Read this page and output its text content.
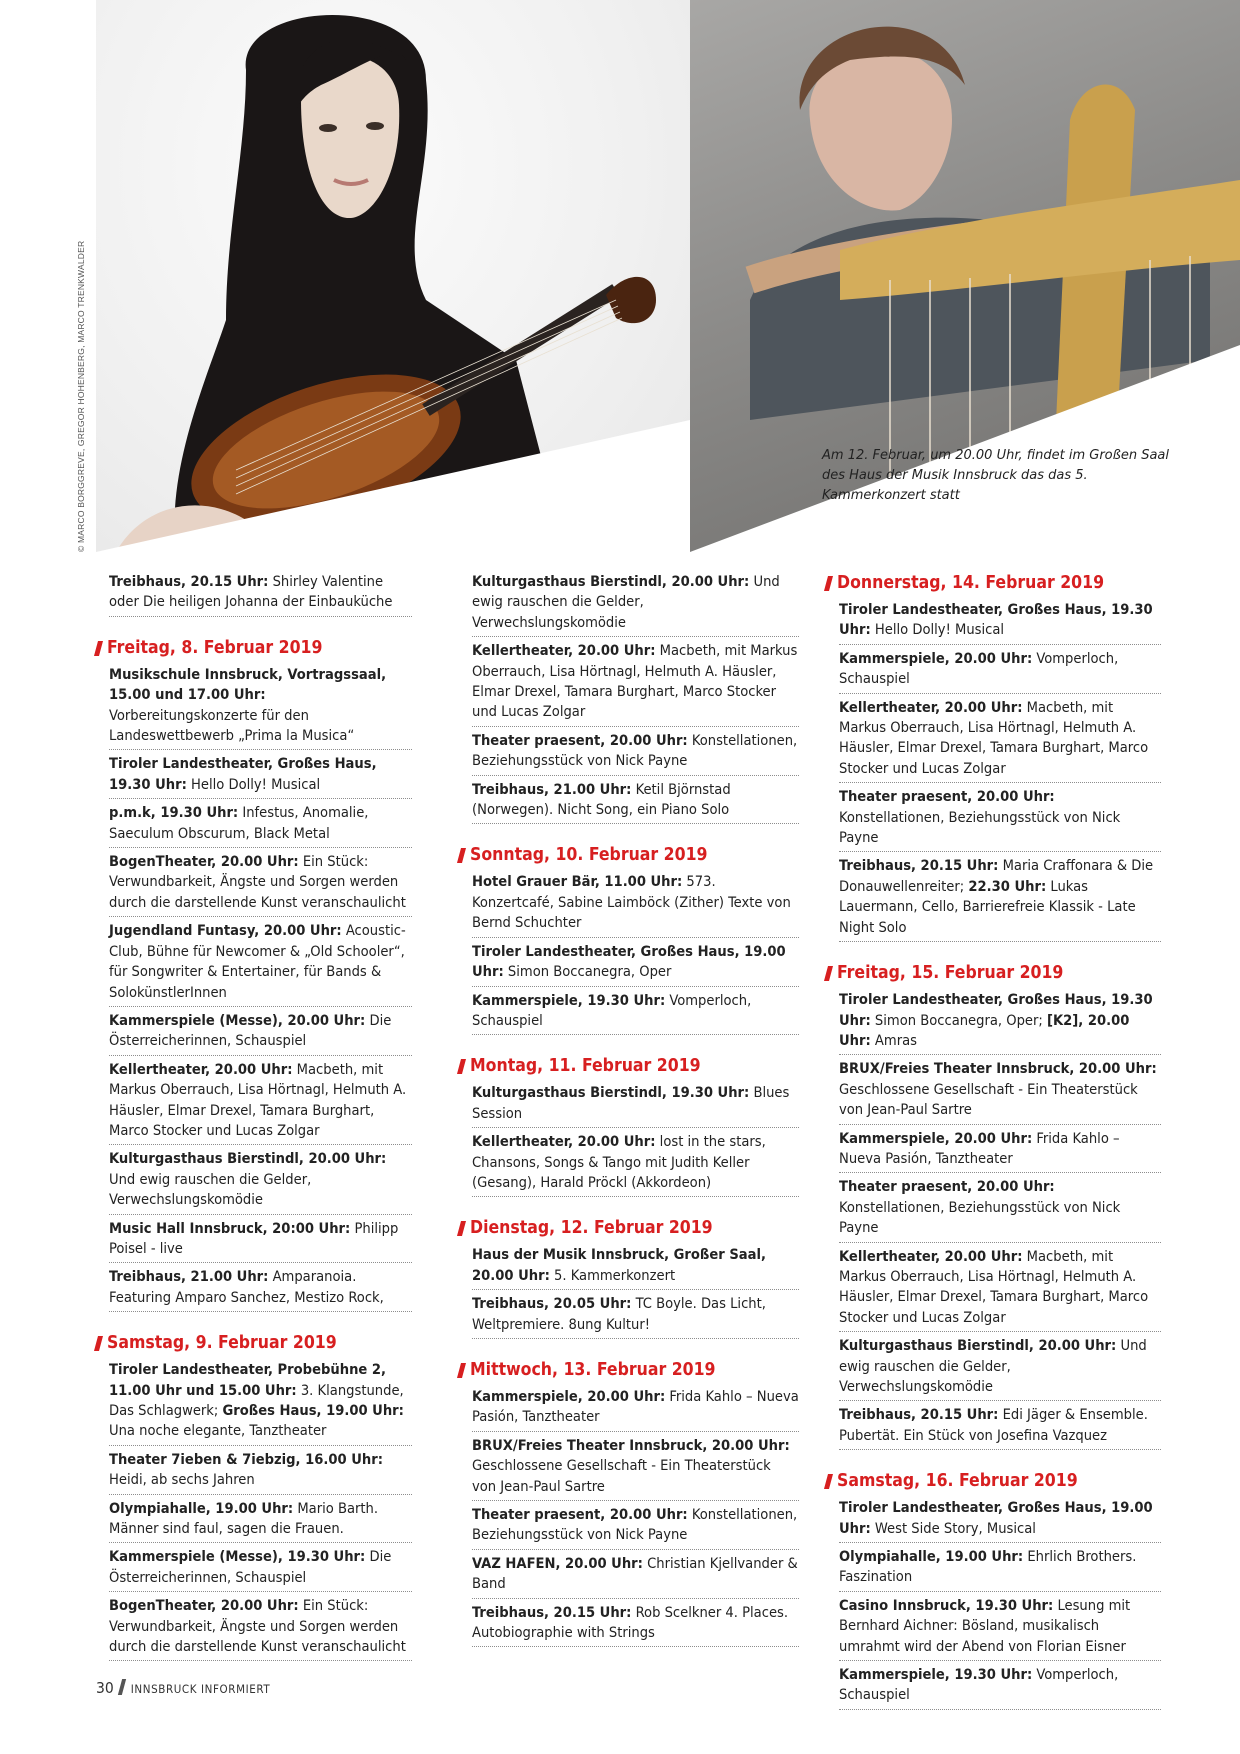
© MARCO BORGGREVE, GREGOR HOHENBERG, MARCO TRENKWALDER	Am 12. Februar, um 20.00 Uhr, findet im Großen Saal des Haus der Musik Innsbruck das das 5. Kammerkonzert statt
Treibhaus, 20.15 Uhr: Shirley Valentine oder Die heiligen Johanna der Einbauküche
Freitag, 8. Februar 2019
Musikschule Innsbruck, Vortragssaal, 15.00 und 17.00 Uhr: Vorbereitungskonzerte für den Landeswettbewerb „Prima la Musica“
Tiroler Landestheater, Großes Haus, 19.30 Uhr: Hello Dolly! Musical
p.m.k, 19.30 Uhr: Infestus, Anomalie, Saeculum Obscurum, Black Metal
BogenTheater, 20.00 Uhr: Ein Stück: Verwundbarkeit, Ängste und Sorgen werden durch die darstellende Kunst veranschaulicht
Jugendland Funtasy, 20.00 Uhr: Acoustic-Club, Bühne für Newcomer & „Old Schooler“, für Songwriter & Entertainer, für Bands & SolokünstlerInnen
Kammerspiele (Messe), 20.00 Uhr: Die Österreicherinnen, Schauspiel
Kellertheater, 20.00 Uhr: Macbeth, mit Markus Oberrauch, Lisa Hörtnagl, Helmuth A. Häusler, Elmar Drexel, Tamara Burghart, Marco Stocker und Lucas Zolgar
Kulturgasthaus Bierstindl, 20.00 Uhr: Und ewig rauschen die Gelder, Verwechslungskomödie
Music Hall Innsbruck, 20:00 Uhr: Philipp Poisel - live
Treibhaus, 21.00 Uhr: Amparanoia. Featuring Amparo Sanchez, Mestizo Rock,
Samstag, 9. Februar 2019
Tiroler Landestheater, Probebühne 2, 11.00 Uhr und 15.00 Uhr: 3. Klangstunde, Das Schlagwerk; Großes Haus, 19.00 Uhr: Una noche elegante, Tanztheater
Theater 7ieben & 7iebzig, 16.00 Uhr: Heidi, ab sechs Jahren
Olympiahalle, 19.00 Uhr: Mario Barth. Männer sind faul, sagen die Frauen.
Kammerspiele (Messe), 19.30 Uhr: Die Österreicherinnen, Schauspiel
BogenTheater, 20.00 Uhr: Ein Stück: Verwundbarkeit, Ängste und Sorgen werden durch die darstellende Kunst veranschaulicht
Kulturgasthaus Bierstindl, 20.00 Uhr: Und ewig rauschen die Gelder, Verwechslungskomödie
Kellertheater, 20.00 Uhr: Macbeth, mit Markus Oberrauch, Lisa Hörtnagl, Helmuth A. Häusler, Elmar Drexel, Tamara Burghart, Marco Stocker und Lucas Zolgar
Theater praesent, 20.00 Uhr: Konstellationen, Beziehungsstück von Nick Payne
Treibhaus, 21.00 Uhr: Ketil Björnstad (Norwegen). Nicht Song, ein Piano Solo
Sonntag, 10. Februar 2019
Hotel Grauer Bär, 11.00 Uhr: 573. Konzertcafé, Sabine Laimböck (Zither) Texte von Bernd Schuchter
Tiroler Landestheater, Großes Haus, 19.00 Uhr: Simon Boccanegra, Oper
Kammerspiele, 19.30 Uhr: Vomperloch, Schauspiel
Montag, 11. Februar 2019
Kulturgasthaus Bierstindl, 19.30 Uhr: Blues Session
Kellertheater, 20.00 Uhr: lost in the stars, Chansons, Songs & Tango mit Judith Keller (Gesang), Harald Pröckl (Akkordeon)
Dienstag, 12. Februar 2019
Haus der Musik Innsbruck, Großer Saal, 20.00 Uhr: 5. Kammerkonzert
Treibhaus, 20.05 Uhr: TC Boyle. Das Licht, Weltpremiere. 8ung Kultur!
Mittwoch, 13. Februar 2019
Kammerspiele, 20.00 Uhr: Frida Kahlo – Nueva Pasión, Tanztheater
BRUX/Freies Theater Innsbruck, 20.00 Uhr: Geschlossene Gesellschaft - Ein Theaterstück von Jean-Paul Sartre
Theater praesent, 20.00 Uhr: Konstellationen, Beziehungsstück von Nick Payne
VAZ HAFEN, 20.00 Uhr: Christian Kjellvander & Band
Treibhaus, 20.15 Uhr: Rob Scelkner 4. Places. Autobiographie with Strings
Donnerstag, 14. Februar 2019
Tiroler Landestheater, Großes Haus, 19.30 Uhr: Hello Dolly! Musical
Kammerspiele, 20.00 Uhr: Vomperloch, Schauspiel
Kellertheater, 20.00 Uhr: Macbeth, mit Markus Oberrauch, Lisa Hörtnagl, Helmuth A. Häusler, Elmar Drexel, Tamara Burghart, Marco Stocker und Lucas Zolgar
Theater praesent, 20.00 Uhr: Konstellationen, Beziehungsstück von Nick Payne
Treibhaus, 20.15 Uhr: Maria Craffonara & Die Donauwellenreiter; 22.30 Uhr: Lukas Lauermann, Cello, Barrierefreie Klassik - Late Night Solo
Freitag, 15. Februar 2019
Tiroler Landestheater, Großes Haus, 19.30 Uhr: Simon Boccanegra, Oper; [K2], 20.00 Uhr: Amras
BRUX/Freies Theater Innsbruck, 20.00 Uhr: Geschlossene Gesellschaft - Ein Theaterstück von Jean-Paul Sartre
Kammerspiele, 20.00 Uhr: Frida Kahlo – Nueva Pasión, Tanztheater
Theater praesent, 20.00 Uhr: Konstellationen, Beziehungsstück von Nick Payne
Kellertheater, 20.00 Uhr: Macbeth, mit Markus Oberrauch, Lisa Hörtnagl, Helmuth A. Häusler, Elmar Drexel, Tamara Burghart, Marco Stocker und Lucas Zolgar
Kulturgasthaus Bierstindl, 20.00 Uhr: Und ewig rauschen die Gelder, Verwechslungskomödie
Treibhaus, 20.15 Uhr: Edi Jäger & Ensemble. Pubertät. Ein Stück von Josefina Vazquez
Samstag, 16. Februar 2019
Tiroler Landestheater, Großes Haus, 19.00 Uhr: West Side Story, Musical
Olympiahalle, 19.00 Uhr: Ehrlich Brothers. Faszination
Casino Innsbruck, 19.30 Uhr: Lesung mit Bernhard Aichner: Bösland, musikalisch umrahmt wird der Abend von Florian Eisner
Kammerspiele, 19.30 Uhr: Vomperloch, Schauspiel
30 INNSBRUCK INFORMIERT
